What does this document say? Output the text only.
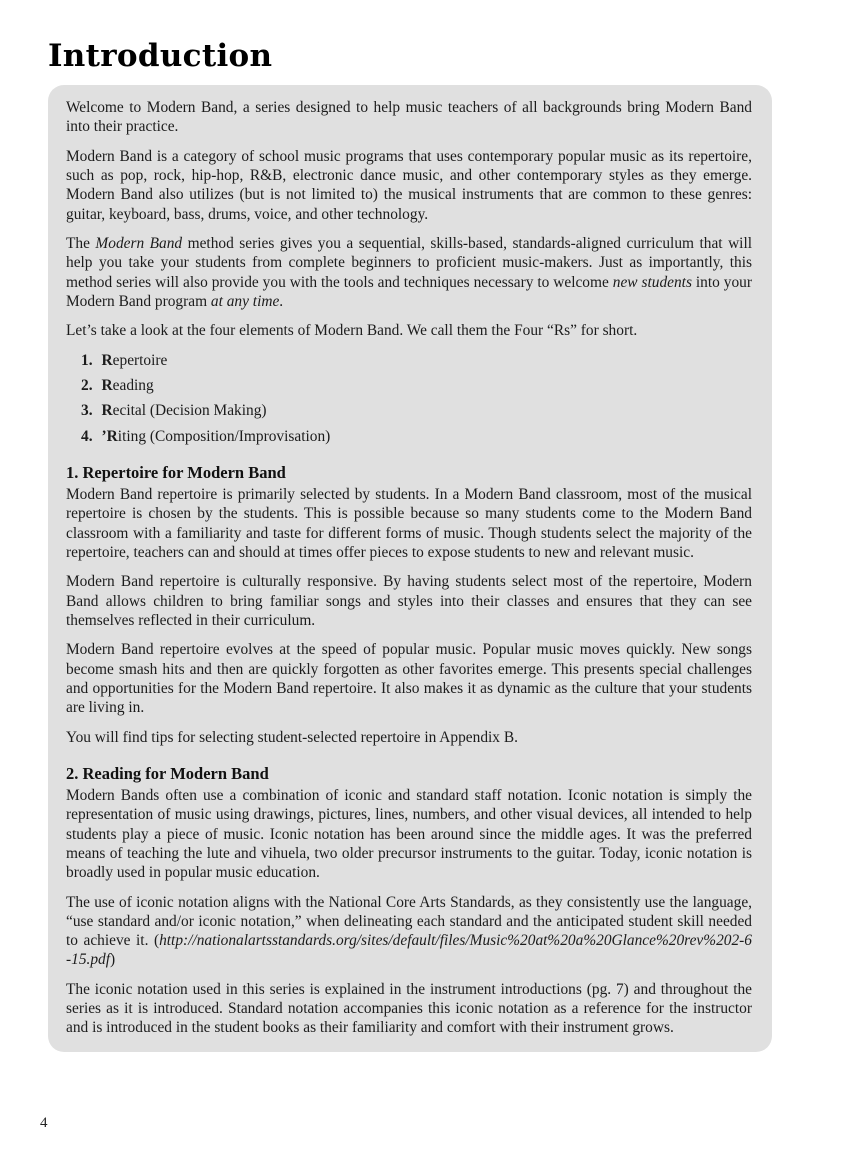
Introduction

Welcome to Modern Band, a series designed to help music teachers of all backgrounds bring Modern Band into their practice.

Modern Band is a category of school music programs that uses contemporary popular music as its repertoire, such as pop, rock, hip-hop, R&B, electronic dance music, and other contemporary styles as they emerge. Modern Band also utilizes (but is not limited to) the musical instruments that are common to these genres: guitar, keyboard, bass, drums, voice, and other technology.

The Modern Band method series gives you a sequential, skills-based, standards-aligned curriculum that will help you take your students from complete beginners to proficient music-makers. Just as importantly, this method series will also provide you with the tools and techniques necessary to welcome new students into your Modern Band program at any time.

Let’s take a look at the four elements of Modern Band. We call them the Four “Rs” for short.

1. Repertoire
2. Reading
3. Recital (Decision Making)
4. ’Riting (Composition/Improvisation)
1. Repertoire for Modern Band

Modern Band repertoire is primarily selected by students. In a Modern Band classroom, most of the musical repertoire is chosen by the students. This is possible because so many students come to the Modern Band classroom with a familiarity and taste for different forms of music. Though students select the majority of the repertoire, teachers can and should at times offer pieces to expose students to new and relevant music.

Modern Band repertoire is culturally responsive. By having students select most of the repertoire, Modern Band allows children to bring familiar songs and styles into their classes and ensures that they can see themselves reflected in their curriculum.

Modern Band repertoire evolves at the speed of popular music. Popular music moves quickly. New songs become smash hits and then are quickly forgotten as other favorites emerge. This presents special challenges and opportunities for the Modern Band repertoire. It also makes it as dynamic as the culture that your students are living in.

You will find tips for selecting student-selected repertoire in Appendix B.

2. Reading for Modern Band

Modern Bands often use a combination of iconic and standard staff notation. Iconic notation is simply the representation of music using drawings, pictures, lines, numbers, and other visual devices, all intended to help students play a piece of music. Iconic notation has been around since the middle ages. It was the preferred means of teaching the lute and vihuela, two older precursor instruments to the guitar. Today, iconic notation is broadly used in popular music education.

The use of iconic notation aligns with the National Core Arts Standards, as they consistently use the language, “use standard and/or iconic notation,” when delineating each standard and the anticipated student skill needed to achieve it. (http://nationalartsstandards.org/sites/default/files/Music%20at%20a%20Glance%20rev%202-6-15.pdf)

The iconic notation used in this series is explained in the instrument introductions (pg. 7) and throughout the series as it is introduced. Standard notation accompanies this iconic notation as a reference for the instructor and is introduced in the student books as their familiarity and comfort with their instrument grows.

4
